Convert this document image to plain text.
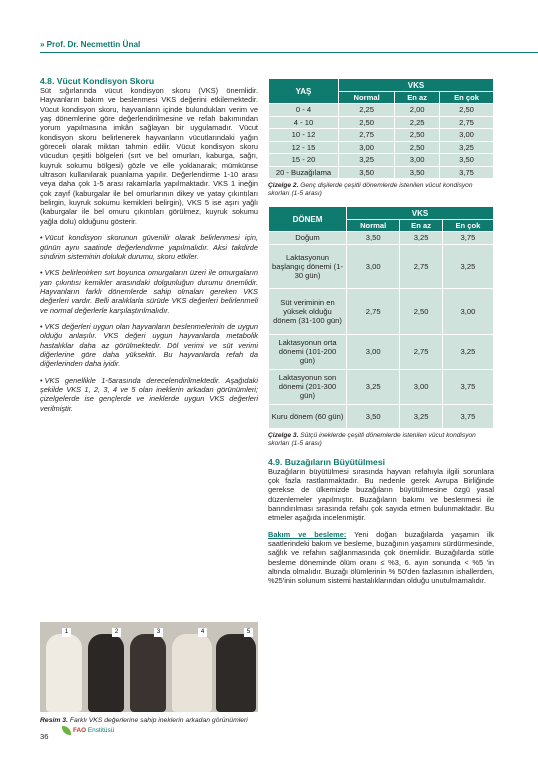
» Prof. Dr. Necmettin Ünal
4.8. Vücut Kondisyon Skoru

Süt sığırlarında vücut kondisyon skoru (VKS) önemlidir. Hayvanların bakım ve beslenmesi VKS değerini etkilemektedir. Vücut kondisyon skoru, hayvanların içinde bulundukları verim ve yaş dönemlerine göre değerlendirilmesine ve refah bakımından yorum yapılmasına imkân sağlayan bir uygulamadır. Vücut kondisyon skoru belirlenerek hayvanların vücutlarındaki yağın göreceli olarak miktarı tahmin edilir. Vücut kondisyon skoru vücudun çeşitli bölgeleri (sırt ve bel omurları, kaburga, sağrı, kuyruk sokumu bölgesi) gözle ve elle yoklanarak; mümkünse ultrason kullanılarak puanlama yapılır. Değerlendirme 1-10 arası veya daha çok 1-5 arası rakamlarla yapılmaktadır. VKS 1 ineğin çok zayıf (kaburgalar ile bel omurlarının dikey ve yatay çıkıntıları belirgin, kuyruk sokumu kemikleri belirgin), VKS 5 ise aşırı yağlı (kaburgalar ile bel omuru çıkıntıları görülmez, kuyruk sokumu yağla dolu) olduğunu gösterir.

• Vücut kondisyon skorunun güvenilir olarak belirlenmesi için, günün aynı saatinde değerlendirme yapılmalıdır. Aksi takdirde sindirim sisteminin doluluk durumu, skoru etkiler.

• VKS belirlenirken sırt boyunca omurgaların üzeri ile omurgaların yan çıkıntısı kemikler arasındaki dolgunluğun durumu önemlidir. Hayvanların farklı dönemlerde sahip olmaları gereken VKS değerleri vardır. Belli aralıklarla sürüde VKS değerleri belirlenmeli ve normal değerlerle karşılaştırılmalıdır.

• VKS değerleri uygun olan hayvanların beslenmelerinin de uygun olduğu anlaşılır. VKS değeri uygun hayvanlarda metabolik hastalıklar daha az görülmektedir. Döl verimi ve süt verimi diğerlerine göre daha yüksektir. Bu hayvanlarda refah da diğerlerinden daha iyidir.

• VKS genellikle 1-5arasında derecelendirilmektedir. Aşağıdaki şekilde VKS 1, 2, 3, 4 ve 5 olan ineklerin arkadan görünümleri; çizelgelerde ise gençlerde ve ineklerde uygun VKS değerleri verilmiştir.

1	2	3	4	5
Resim 3. Farklı VKS değerlerine sahip ineklerin arkadan görünümleri
YAŞ	VKS		
	Normal	En az	En çok
0 - 4	2,25	2,00	2,50
4 - 10	2,50	2,25	2,75
10 - 12	2,75	2,50	3,00
12 - 15	3,00	2,50	3,25
15 - 20	3,25	3,00	3,50
20 - Buzağılama	3,50	3,50	3,75

Çizelge 2. Genç dişilerde çeşitli dönemlerde istenilen vücut kondisyon skorları (1-5 arası)

DÖNEM	VKS		
	Normal	En az	En çok
Doğum	3,50	3,25	3,75
Laktasyonun başlangıç dönemi (1-30 gün)	3,00	2,75	3,25
Süt veriminin en yüksek olduğu dönem (31-100 gün)	2,75	2,50	3,00
Laktasyonun orta dönemi (101-200 gün)	3,00	2,75	3,25
Laktasyonun son dönemi (201-300 gün)	3,25	3,00	3,75
Kuru dönem (60 gün)	3,50	3,25	3,75

Çizelge 3. Sütçü ineklerde çeşitli dönemlerde istenilen vücut kondisyon skorları (1-5 arası)

4.9. Buzağıların Büyütülmesi

Buzağıların büyütülmesi sırasında hayvan refahıyla ilgili sorunlara çok fazla rastlanmaktadır. Bu nedenle gerek Avrupa Birliğinde gerekse de ülkemizde buzağıların büyütülmesine özgü yasal düzenlemeler yapılmıştır. Buzağıların bakımı ve beslenmesi ile barındırılması sırasında refahı çok sayıda etmen bulunmaktadır. Bu etmeler aşağıda incelenmiştir.

Bakım ve besleme: Yeni doğan buzağılarda yaşamın ilk saatlerindeki bakım ve besleme, buzağının yaşamını sürdürmesinde, sağlık ve refahın sağlanmasında çok önemlidir. Buzağılarda sütle besleme döneminde ölüm oranı ≤ %3, 6. ayın sonunda < %5 'in altında olmalıdır. Buzağı ölümlerinin % 50'den fazlasının ishallerden, %25'inin solunum sistemi hastalıklarından olduğu unutulmamalıdır.

36
FAO Enstitüsü
